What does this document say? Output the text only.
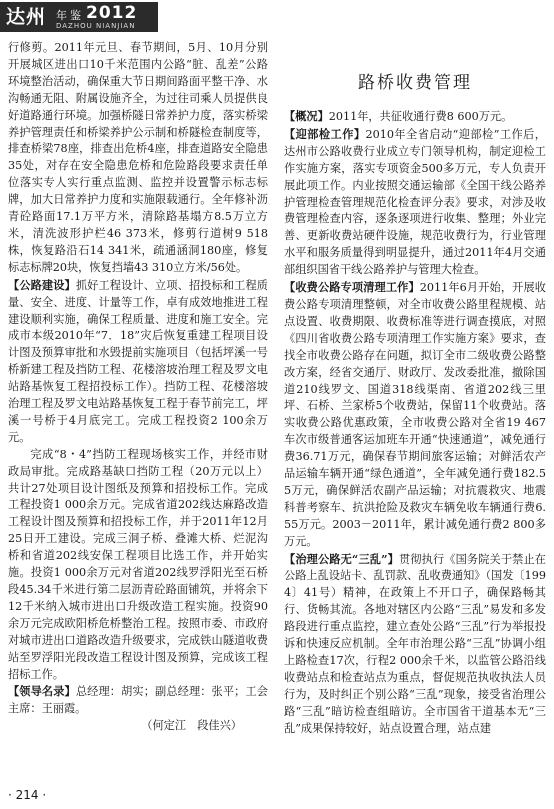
达州 年鉴 2012
DAZHOU NIANJIAN

行修剪。2011年元旦、春节期间，5月、10月分别开展城区进出口10千米范围内公路“脏、乱差”公路环境整治活动，确保重大节日期间路面平整干净、水沟畅通无阻、附属设施齐全，为过往司乘人员提供良好道路通行环境。加强桥隧日常养护力度，落实桥梁养护管理责任和桥梁养护公示制和桥隧检查制度等，排查桥梁78座，排查出危桥4座，排查道路安全隐患35处，对存在安全隐患危桥和危险路段要求责任单位落实专人实行重点监测、监控并设置警示标志标牌，加大日常养护力度和实施限载通行。全年修补沥青砼路面17.1万平方米，清除路基塌方8.5万立方米，清洗波形护栏46 373米，修剪行道树9 518株，恢复路沿石14 341米，疏通涵洞180座，修复标志标牌20块，恢复挡墙43 310立方米/56处。

【公路建设】抓好工程设计、立项、招投标和工程质量、安全、进度、计量等工作，卓有成效地推进工程建设顺利实施，确保工程质量、进度和施工安全。完成市本级2010年“7．18”灾后恢复重建工程项目设计图及预算审批和水毁提前实施项目（包括坪溪一号桥新建工程及挡防工程、花楼溶坡治理工程及罗文电站路基恢复工程招投标工作）。挡防工程、花楼溶坡治理工程及罗文电站路基恢复工程于春节前完工，坪溪一号桥于4月底完工。完成工程投资2 100余万元。

完成“8・4”挡防工程现场核实工作，并经市财政局审批。完成路基缺口挡防工程（20万元以上）共计27处项目设计图纸及预算和招投标工作。完成工程投资1 000余万元。完成省道202线达麻路改造工程设计图及预算和招投标工作，并于2011年12月25日开工建设。完成三洞子桥、叠滩大桥、烂泥沟桥和省道202线安保工程项目比选工作，并开始实施。投资1 000余万元对省道202线罗浮阳光至石桥段45.34千米进行第二层沥青砼路面铺筑，并将余下12千米纳入城市进出口升级改造工程实施。投资90余万元完成欧阳桥危桥整治工程。按照市委、市政府对城市进出口道路改造升级要求，完成铁山隧道收费站至罗浮阳光段改造工程设计图及预算，完成该工程招标工作。

【领导名录】总经理：胡实；副总经理：张平；工会主席：王丽霞。

（何定江　段佳兴）

路桥收费管理

【概况】2011年，共征收通行费8 600万元。

【迎部检工作】2010年全省启动“迎部检”工作后，达州市公路收费行业成立专门领导机构，制定迎检工作实施方案，落实专项资金500多万元，专人负责开展此项工作。内业按照交通运输部《全国干线公路养护管理检查管理规范化检查评分表》要求，对涉及收费管理检查内容，逐条逐项进行收集、整理；外业完善、更新收费站硬件设施，规范收费行为，行业管理水平和服务质量得到明显提升，通过2011年4月交通部组织国省干线公路养护与管理大检查。

【收费公路专项清理工作】2011年6月开始，开展收费公路专项清理整顿，对全市收费公路里程规模、站点设置、收费期限、收费标准等进行调查摸底，对照《四川省收费公路专项清理工作实施方案》要求，查找全市收费公路存在问题，拟订全市二级收费公路整改方案，经省交通厅、财政厅、发改委批准，撤除国道210线罗文、国道318线渠南、省道202线三里坪、石桥、兰家桥5个收费站，保留11个收费站。落实收费公路优惠政策，全市收费公路对全省19 467车次市级普通客运加班车开通“快速通道”，减免通行费36.71万元，确保春节期间旅客运输；对鲜活农产品运输车辆开通“绿色通道”，全年减免通行费182.55万元，确保鲜活农副产品运输；对抗震救灾、地震科普考察车、抗洪抢险及救灾车辆免收车辆通行费6.55万元。2003－2011年，累计减免通行费2 800多万元。

【治理公路无“三乱”】贯彻执行《国务院关于禁止在公路上乱设站卡、乱罚款、乱收费通知》（国发〔1994〕41号）精神，在政策上不开口子，确保路畅其行、货畅其流。各地对辖区内公路“三乱”易发和多发路段进行重点监控，建立查处公路“三乱”行为举报投诉和快速反应机制。全年市治理公路“三乱”协调小组上路检查17次，行程2 000余千米，以监管公路沿线收费站点和检查站点为重点，督促规范执收执法人员行为，及时纠正个别公路“三乱”现象，接受省治理公路“三乱”暗访检查组暗访。全市国省干道基本无“三乱”成果保持较好，站点设置合理，站点建

· 214 ·
